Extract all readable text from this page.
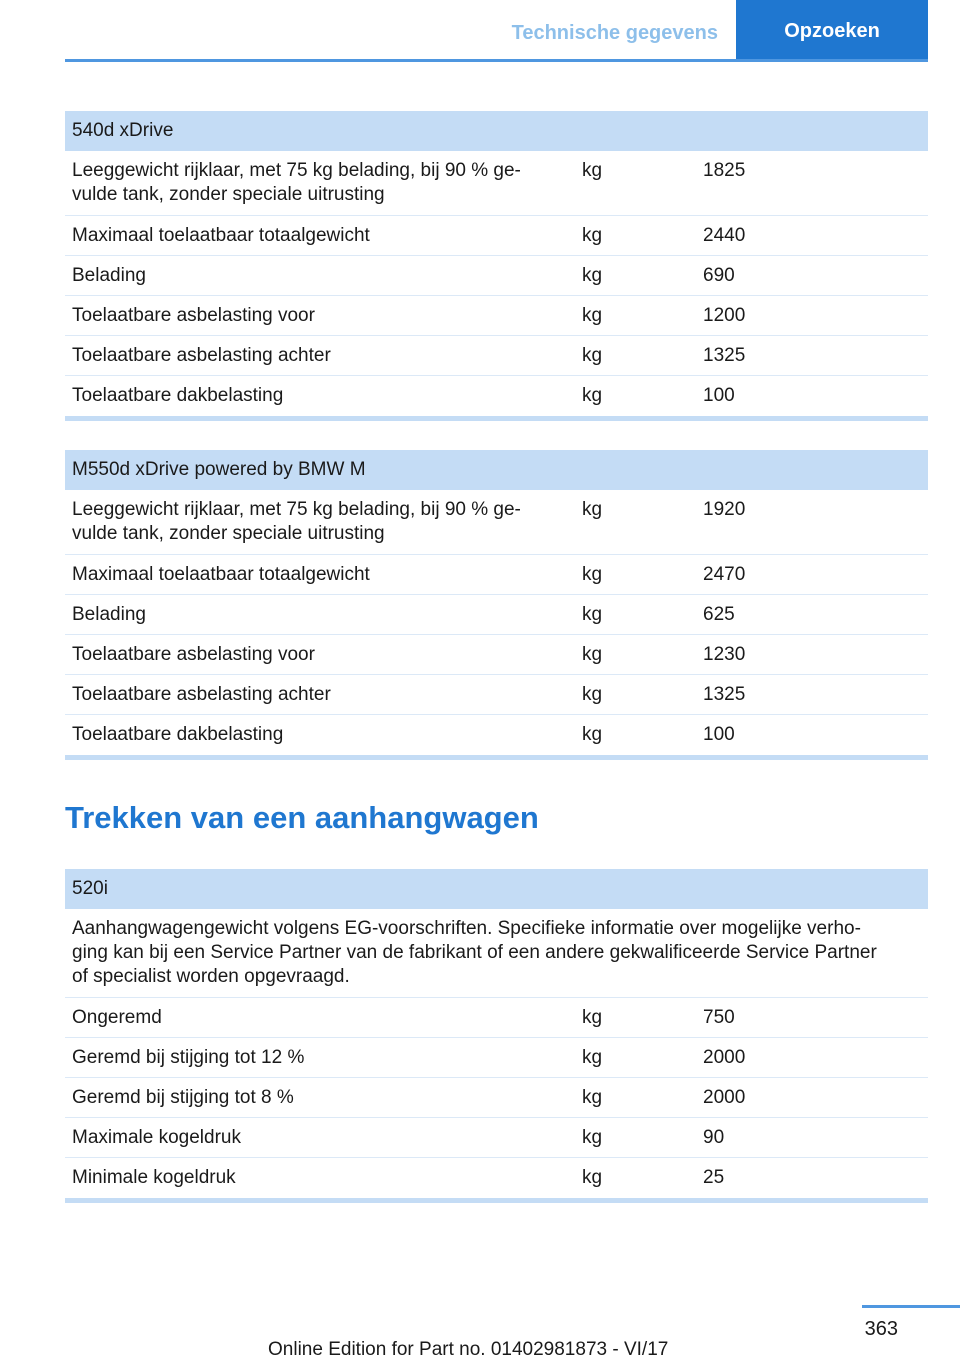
Technische gegevens	Opzoeken
540d xDrive
Leeggewicht rijklaar, met 75 kg belading, bij 90 % ge-
vulde tank, zonder speciale uitrusting
kg	1825
Maximaal toelaatbaar totaalgewicht	kg	2440
Belading	kg	690
Toelaatbare asbelasting voor	kg	1200
Toelaatbare asbelasting achter	kg	1325
Toelaatbare dakbelasting	kg	100
M550d xDrive powered by BMW M
Leeggewicht rijklaar, met 75 kg belading, bij 90 % ge-
vulde tank, zonder speciale uitrusting
kg	1920
Maximaal toelaatbaar totaalgewicht	kg	2470
Belading	kg	625
Toelaatbare asbelasting voor	kg	1230
Toelaatbare asbelasting achter	kg	1325
Toelaatbare dakbelasting	kg	100
Trekken van een aanhangwagen
520i
Aanhangwagengewicht volgens EG-voorschriften. Specifieke informatie over mogelijke verho-
ging kan bij een Service Partner van de fabrikant of een andere gekwalificeerde Service Partner
of specialist worden opgevraagd.
Ongeremd	kg	750
Geremd bij stijging tot 12 %	kg	2000
Geremd bij stijging tot 8 %	kg	2000
Maximale kogeldruk	kg	90
Minimale kogeldruk	kg	25
363
Online Edition for Part no. 01402981873 - VI/17
